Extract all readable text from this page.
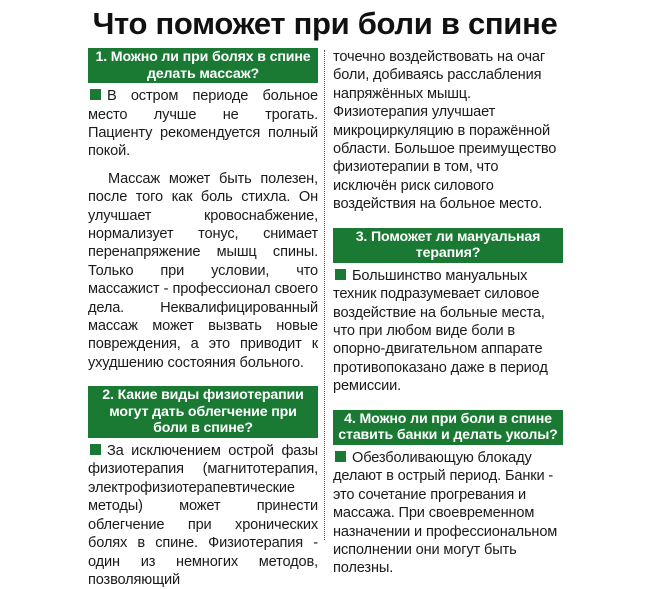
Что поможет при боли в спине
1. Можно ли при болях в спине делать массаж?

В остром периоде больное место лучше не трогать. Пациенту рекомендуется полный покой.

Массаж может быть полезен, после того как боль стихла. Он улучшает кровоснабжение, нормализует тонус, снимает перенапряжение мышц спины. Только при условии, что массажист - профессионал своего дела. Неквалифицированный массаж может вызвать новые повреждения, а это приводит к ухудшению состояния больного.

2. Какие виды физиотерапии могут дать облегчение при боли в спине?

За исключением острой фазы физиотерапия (магнитотерапия, электрофизиотерапевтические методы) может принести облегчение при хронических болях в спине. Физиотерапия - один из немногих методов, позволяющий

точечно воздействовать на очаг боли, добиваясь расслабления напряжённых мышц. Физиотерапия улучшает микроциркуляцию в поражённой области. Большое преимущество физиотерапии в том, что исключён риск силового воздействия на больное место.

3. Поможет ли мануальная терапия?

Большинство мануальных техник подразумевает силовое воздействие на больные места, что при любом виде боли в опорно-двигательном аппарате противопоказано даже в период ремиссии.

4. Можно ли при боли в спине ставить банки и делать уколы?

Обезболивающую блокаду делают в острый период. Банки - это сочетание прогревания и массажа. При своевременном назначении и профессиональном исполнении они могут быть полезны.
